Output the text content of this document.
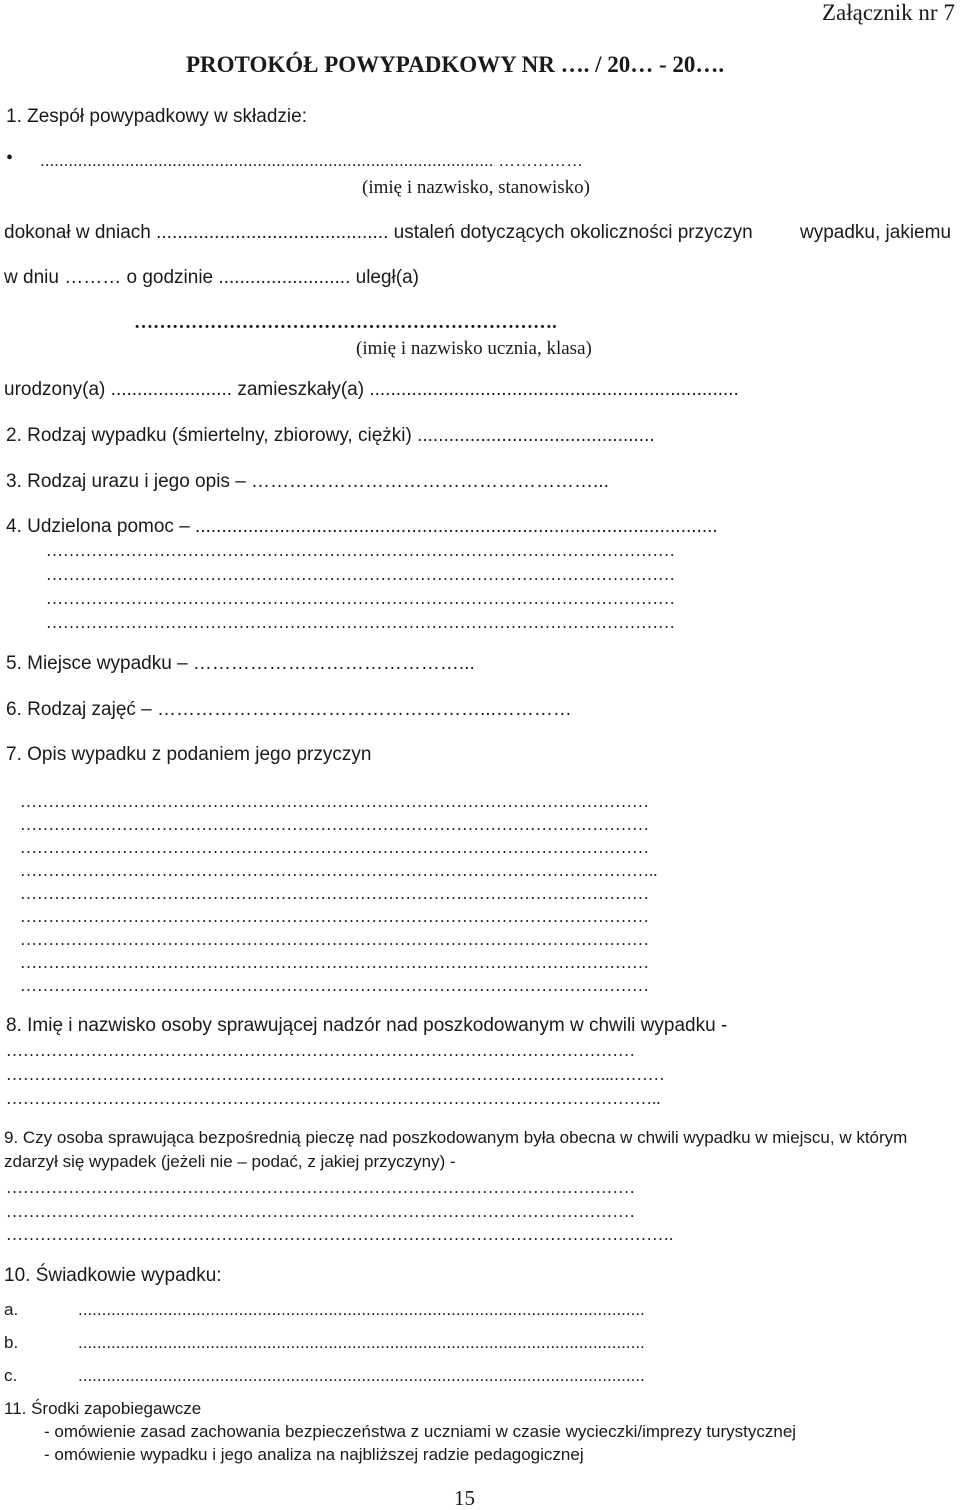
Załącznik nr 7
PROTOKÓŁ POWYPADKOWY NR …. / 20… - 20….
1. Zespół powypadkowy w składzie:
• ................................................................................................ ……………
(imię i nazwisko, stanowisko)
dokonał w dniach ............................................ ustaleń dotyczących okoliczności przyczyn wypadku, jakiemu
w dniu ……… o godzinie ......................... uległ(a)
………………………………………………………….
(imię i nazwisko ucznia, klasa)
urodzony(a) ....................... zamieszkały(a) ......................................................................
2. Rodzaj wypadku (śmiertelny, zbiorowy, ciężki) .............................................
3. Rodzaj urazu i jego opis – ………………………………………………...
4. Udzielona pomoc – ...................................................................................................
…………………………………………………………………………………………………
…………………………………………………………………………………………………
…………………………………………………………………………………………………
…………………………………………………………………………………………………
5. Miejsce wypadku – ……………………………………...
6. Rodzaj zajęć – ……………………………………………...…………
7. Opis wypadku z podaniem jego przyczyn
…………………………………………………………………………………………………
…………………………………………………………………………………………………
…………………………………………………………………………………………………
…………………………………………………………………………………………………..
…………………………………………………………………………………………………
…………………………………………………………………………………………………
…………………………………………………………………………………………………
…………………………………………………………………………………………………
…………………………………………………………………………………………………
8. Imię i nazwisko osoby sprawującej nadzór nad poszkodowanym w chwili wypadku -
…………………………………………………………………………………………………
……………………………………………………………………………………………...………
……………………………………………………………………………………………………..
9. Czy osoba sprawująca bezpośrednią pieczę nad poszkodowanym była obecna w chwili wypadku w miejscu, w którym
zdarzył się wypadek (jeżeli nie – podać, z jakiej przyczyny) -
…………………………………………………………………………………………………
…………………………………………………………………………………………………
……………………………………………………………………………………………………….
10. Świadkowie wypadku:
a.	........................................................................................................................
b.	........................................................................................................................
c.	........................................................................................................................
11. Środki zapobiegawcze
- omówienie zasad zachowania bezpieczeństwa z uczniami w czasie wycieczki/imprezy turystycznej
- omówienie wypadku i jego analiza na najbliższej radzie pedagogicznej
15
